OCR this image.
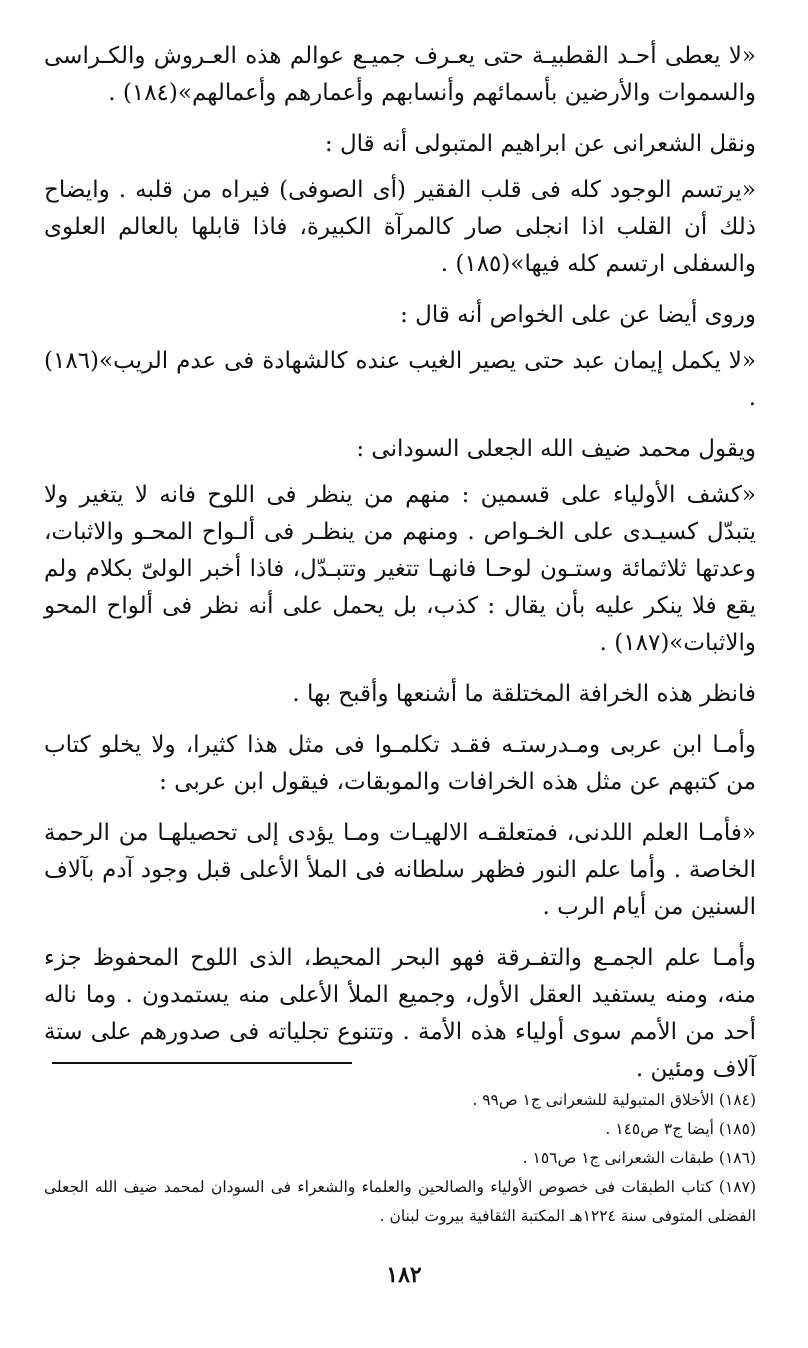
«لا يعطى أحـد القطبيـة حتى يعـرف جميـع عوالم هذه العـروش والكـراسى والسموات والأرضين بأسمائهم وأنسابهم وأعمارهم وأعمالهم»(١٨٤) .

ونقل الشعرانى عن ابراهيم المتبولى أنه قال :

«يرتسم الوجود كله فى قلب الفقير (أى الصوفى) فيراه من قلبه . وايضاح ذلك أن القلب اذا انجلى صار كالمرآة الكبيرة، فاذا قابلها بالعالم العلوى والسفلى ارتسم كله فيها»(١٨٥) .

وروى أيضا عن على الخواص أنه قال :

«لا يكمل إيمان عبد حتى يصير الغيب عنده كالشهادة فى عدم الريب»(١٨٦) .

ويقول محمد ضيف الله الجعلى السودانى :

«كشف الأولياء على قسمين : منهم من ينظر فى اللوح فانه لا يتغير ولا يتبدّل كسيـدى على الخـواص . ومنهم من ينظـر فى ألـواح المحـو والاثبات، وعدتها ثلاثمائة وستـون لوحـا فانهـا تتغير وتتبـدّل، فاذا أخبر الولىّ بكلام ولم يقع فلا ينكر عليه بأن يقال : كذب، بل يحمل على أنه نظر فى ألواح المحو والاثبات»(١٨٧) .

فانظر هذه الخرافة المختلقة ما أشنعها وأقبح بها .

وأمـا ابن عربى ومـدرستـه فقـد تكلمـوا فى مثل هذا كثيرا، ولا يخلو كتاب من كتبهم عن مثل هذه الخرافات والموبقات، فيقول ابن عربى :

«فأمـا العلم اللدنى، فمتعلقـه الالهيـات ومـا يؤدى إلى تحصيلهـا من الرحمة الخاصة . وأما علم النور فظهر سلطانه فى الملأ الأعلى قبل وجود آدم بآلاف السنين من أيام الرب .

وأمـا علم الجمـع والتفـرقة فهو البحر المحيط، الذى اللوح المحفوظ جزء منه، ومنه يستفيد العقل الأول، وجميع الملأ الأعلى منه يستمدون . وما ناله أحد من الأمم سوى أولياء هذه الأمة . وتتنوع تجلياته فى صدورهم على ستة آلاف ومئين .

(١٨٤) الأخلاق المتبولية للشعرانى ج١ ص٩٩ .

(١٨٥) أيضا ج٣ ص١٤٥ .

(١٨٦) طبقات الشعرانى ج١ ص١٥٦ .

(١٨٧) كتاب الطبقات فى خصوص الأولياء والصالحين والعلماء والشعراء فى السودان لمحمد ضيف الله الجعلى الفضلى المتوفى سنة ١٢٢٤هـ المكتبة الثقافية بيروت لبنان .

١٨٢
